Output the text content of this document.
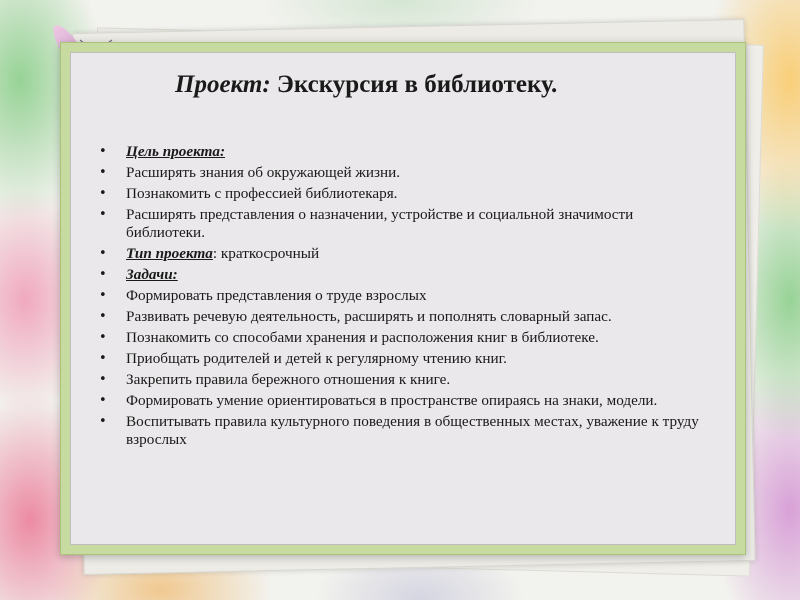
Проект: Экскурсия в библиотеку.
• Цель проекта:
• Расширять знания об окружающей жизни.
• Познакомить с профессией библиотекаря.
• Расширять представления о назначении, устройстве и социальной значимости библиотеки.
• Тип проекта: краткосрочный
• Задачи:
• Формировать представления о труде взрослых
• Развивать речевую деятельность, расширять и пополнять словарный запас.
• Познакомить со способами хранения и расположения книг в библиотеке.
• Приобщать родителей и детей к регулярному чтению книг.
• Закрепить правила бережного отношения к книге.
• Формировать умение ориентироваться в пространстве опираясь на знаки, модели.
• Воспитывать правила культурного поведения в общественных местах, уважение к труду взрослых
